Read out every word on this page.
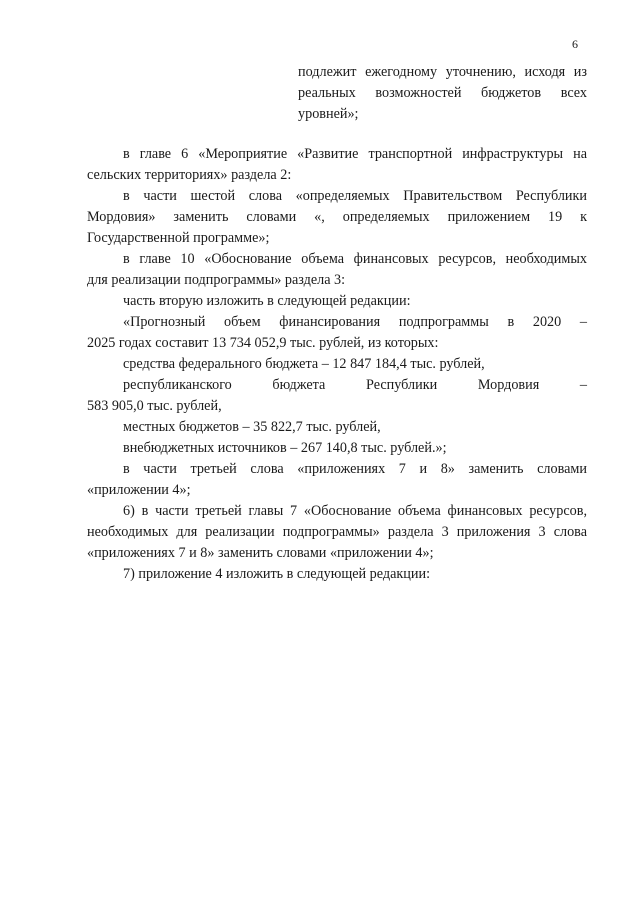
6
подлежит ежегодному уточнению, исходя из
реальных возможностей бюджетов всех
уровней»;
в главе 6 «Мероприятие «Развитие транспортной инфраструктуры на
сельских территориях» раздела 2:
в части шестой слова «определяемых Правительством Республики
Мордовия» заменить словами «, определяемых приложением 19 к
Государственной программе»;
в главе 10 «Обоснование объема финансовых ресурсов, необходимых
для реализации подпрограммы» раздела 3:
часть вторую изложить в следующей редакции:
«Прогнозный объем финансирования подпрограммы в 2020 –
2025 годах составит 13 734 052,9 тыс. рублей, из которых:
средства федерального бюджета – 12 847 184,4 тыс. рублей,
республиканского бюджета Республики Мордовия –
583 905,0 тыс. рублей,
местных бюджетов – 35 822,7 тыс. рублей,
внебюджетных источников – 267 140,8 тыс. рублей.»;
в части третьей слова «приложениях 7 и 8» заменить словами
«приложении 4»;
6) в части третьей главы 7 «Обоснование объема финансовых ресурсов,
необходимых для реализации подпрограммы» раздела 3 приложения 3 слова
«приложениях 7 и 8» заменить словами «приложении 4»;
7) приложение 4 изложить в следующей редакции:
